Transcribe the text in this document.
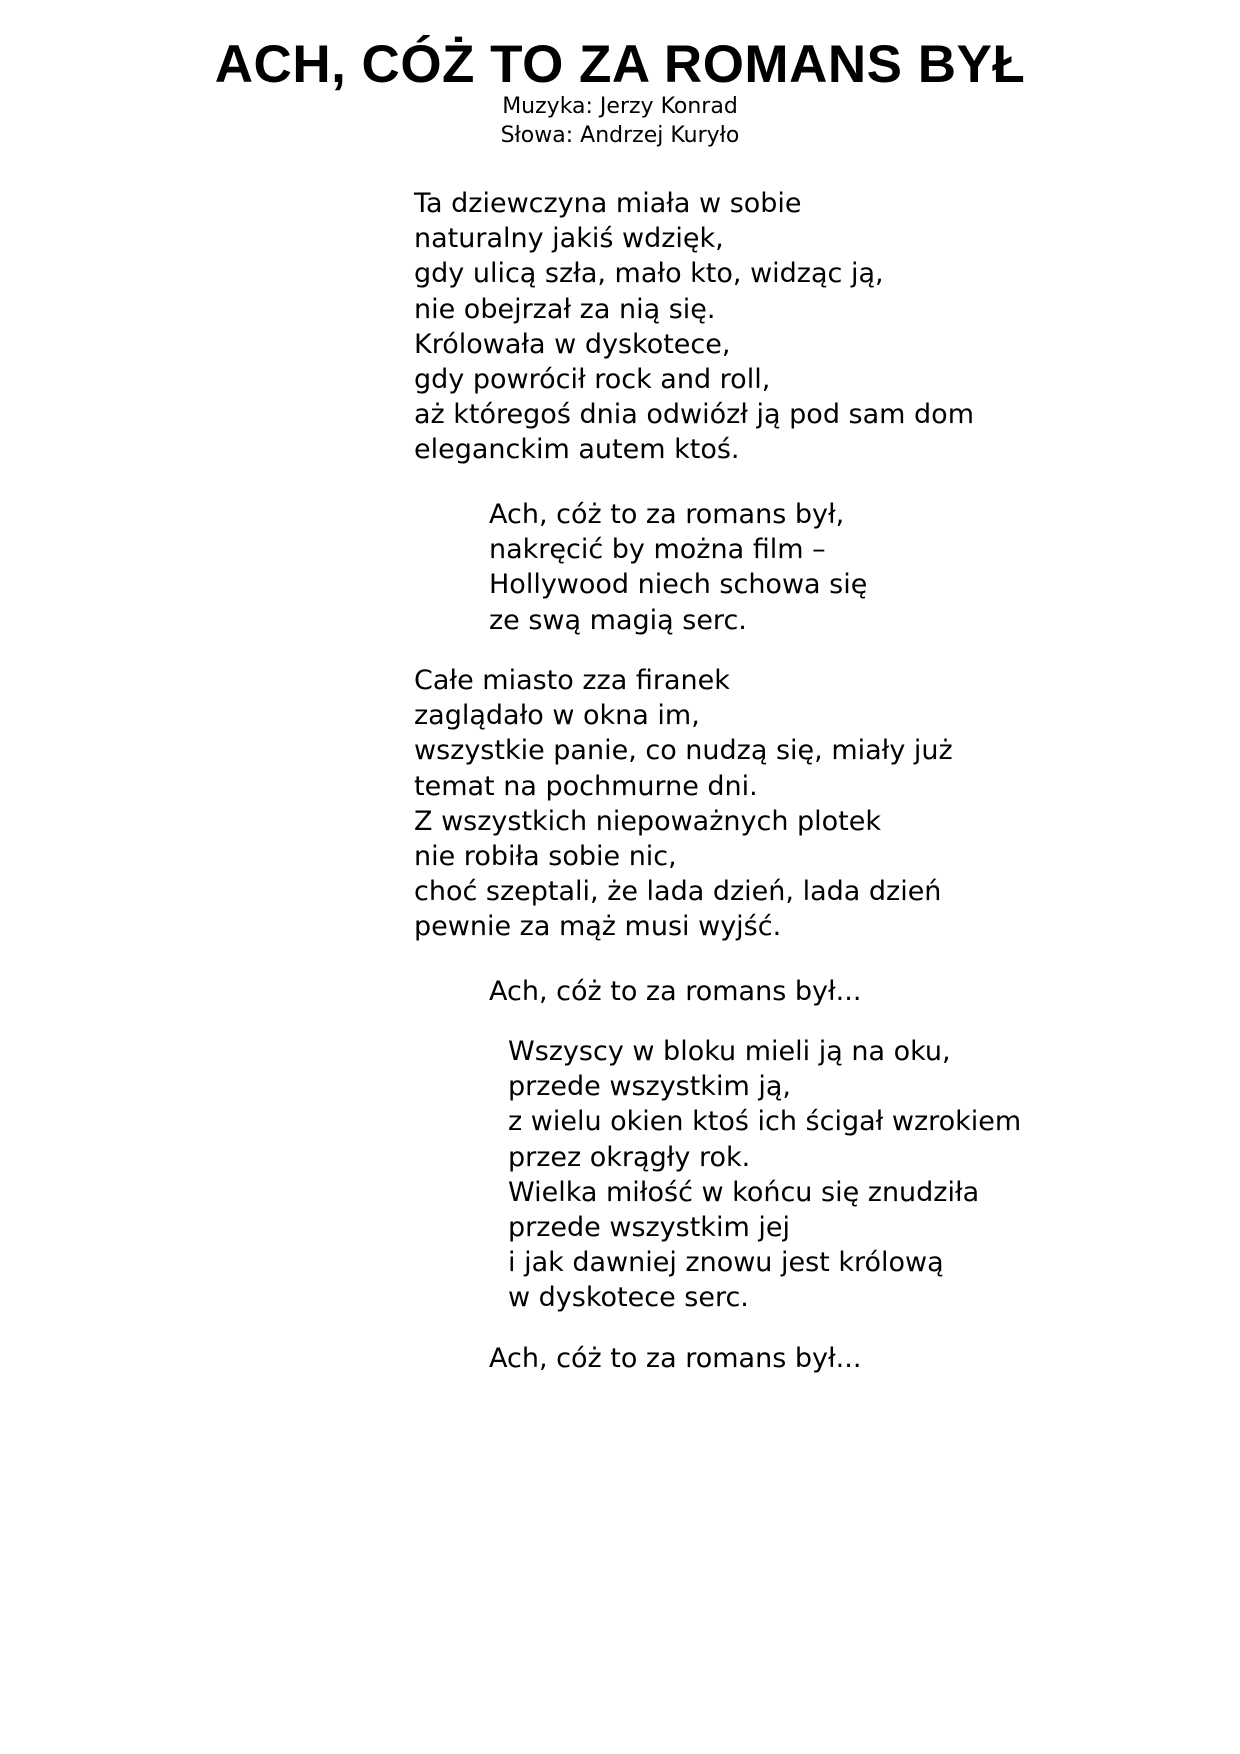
ACH, CÓŻ TO ZA ROMANS BYŁ
Muzyka: Jerzy Konrad
Słowa: Andrzej Kuryło
Ta dziewczyna miała w sobie
naturalny jakiś wdzięk,
gdy ulicą szła, mało kto, widząc ją,
nie obejrzał za nią się.
Królowała w dyskotece,
gdy powrócił rock and roll,
aż któregoś dnia odwiózł ją pod sam dom
eleganckim autem ktoś.
Ach, cóż to za romans był,
nakręcić by można film –
Hollywood niech schowa się
ze swą magią serc.
Całe miasto zza firanek
zaglądało w okna im,
wszystkie panie, co nudzą się, miały już
temat na pochmurne dni.
Z wszystkich niepoważnych plotek
nie robiła sobie nic,
choć szeptali, że lada dzień, lada dzień
pewnie za mąż musi wyjść.
Ach, cóż to za romans był...
Wszyscy w bloku mieli ją na oku,
przede wszystkim ją,
z wielu okien ktoś ich ścigał wzrokiem
przez okrągły rok.
Wielka miłość w końcu się znudziła
przede wszystkim jej
i jak dawniej znowu jest królową
w dyskotece serc.
Ach, cóż to za romans był...
